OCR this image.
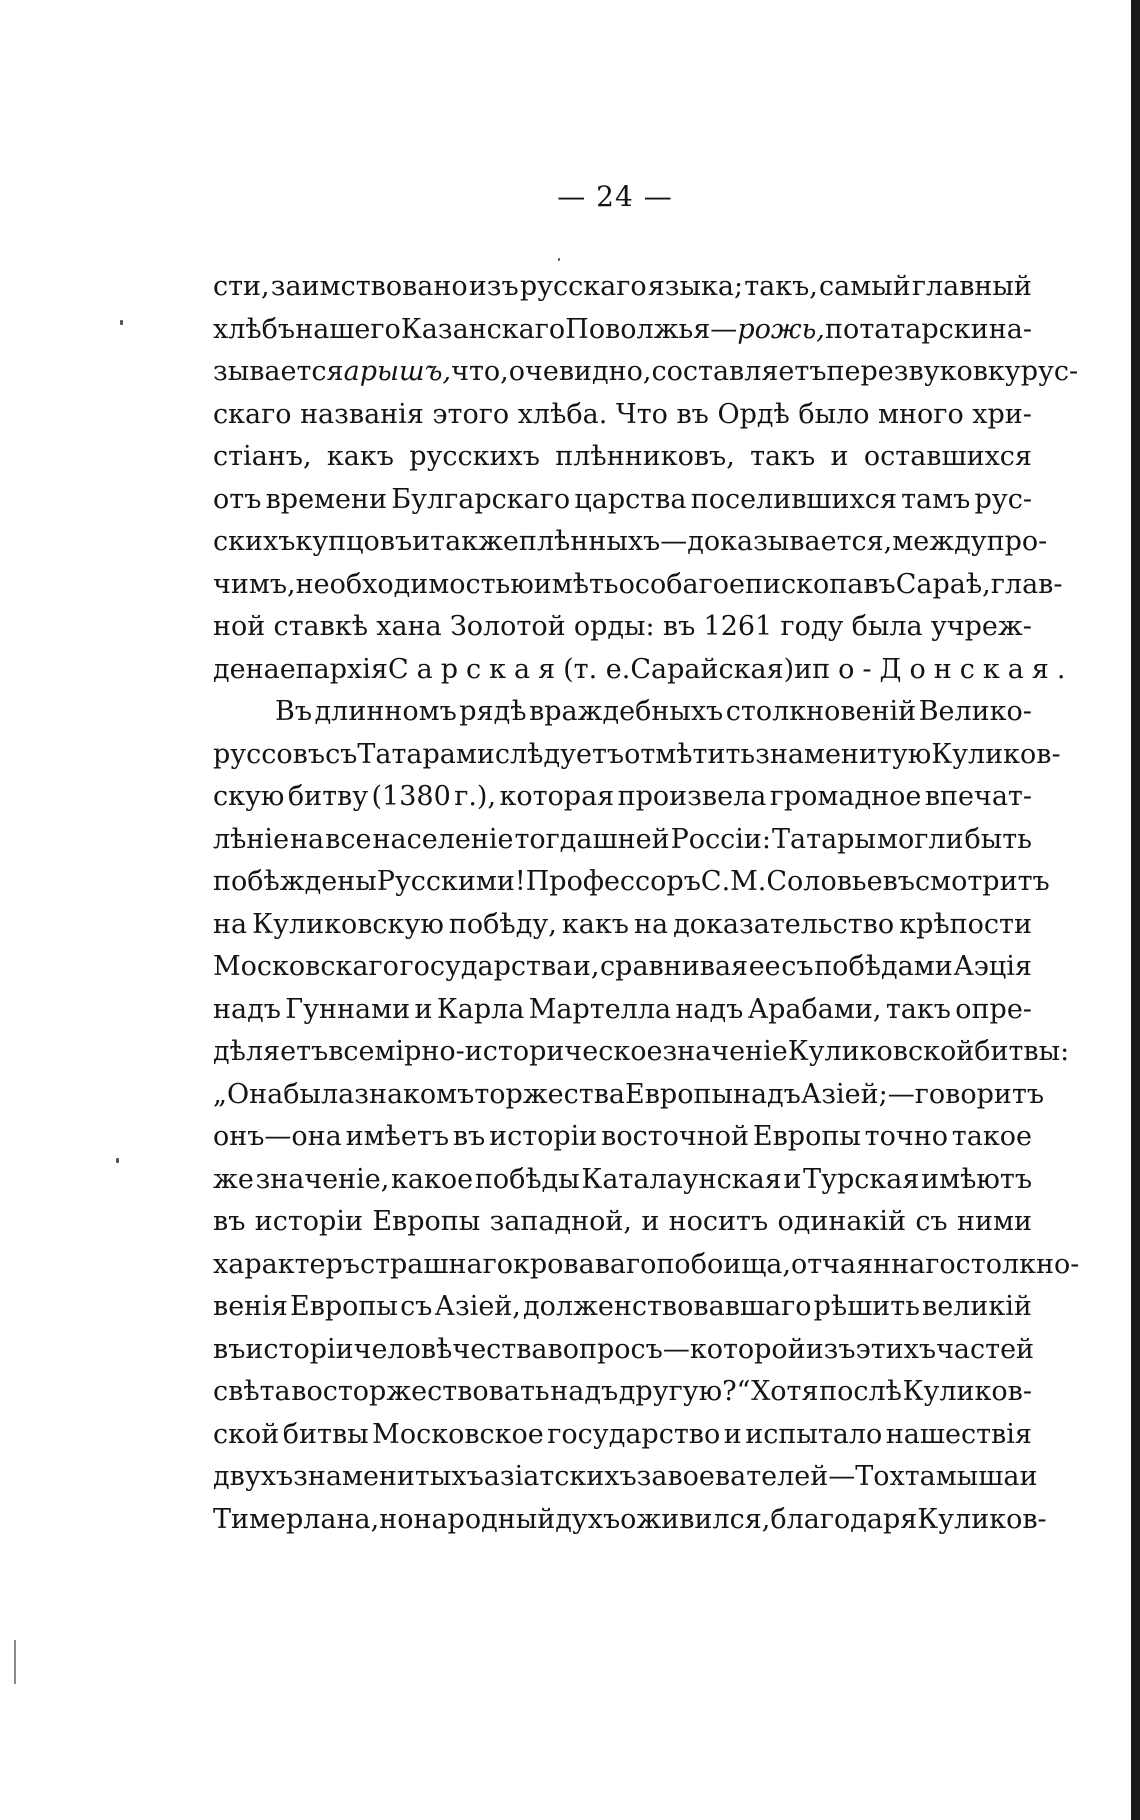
— 24 —
сти, заимствовано изъ русскаго языка; такъ, самый главный
хлѣбъ нашего Казанскаго Поволжья— рожь, по татарски на-
зывается арышъ, что, очевидно, составляетъ перезвуковку рус-
скаго названія этого хлѣба. Что въ Ордѣ было много хри-
стіанъ, какъ русскихъ плѣнниковъ, такъ и оставшихся
отъ времени Булгарскаго царства поселившихся тамъ рус-
скихъ купцовъ и также плѣнныхъ—доказывается, между про-
чимъ, необходимостью имѣть особаго епископа въ Сараѣ, глав-
ной ставкѣ хана Золотой орды: въ 1261 году была учреж-
дена епархія Сарская (т. е. Сарайская) и по-Донская.
Въ длинномъ рядѣ враждебныхъ столкновеній Велико-
руссовъ съ Татарами слѣдуетъ отмѣтить знаменитую Куликов-
скую битву (1380 г.), которая произвела громадное впечат-
лѣніе на все населеніе тогдашней Россіи: Татары могли быть
побѣждены Русскими! Профессоръ С. М. Соловьевъ смотритъ
на Куликовскую побѣду, какъ на доказательство крѣпости
Московскаго государства и, сравнивая ее съ побѣдами Аэція
надъ Гуннами и Карла Мартелла надъ Арабами, такъ опре-
дѣляетъ всемірно-историческое значеніе Куликовской битвы:
„Она была знакомъ торжества Европы надъ Азіей;—говоритъ
онъ—она имѣетъ въ исторіи восточной Европы точно такое
же значеніе, какое побѣды Каталаунская и Турская имѣютъ
въ исторіи Европы западной, и носитъ одинакій съ ними
характеръ страшнаго кроваваго побоища, отчаяннаго столкно-
венія Европы съ Азіей, долженствовавшаго рѣшить великій
въ исторіи человѣчества вопросъ—которой изъ этихъ частей
свѣта восторжествовать надъ другую?“ Хотя послѣ Куликов-
ской битвы Московское государство и испытало нашествія
двухъ знаменитыхъ азіатскихъ завоевателей—Тохтамыша и
Тимерлана, но народный духъ оживился, благодаря Куликов-
